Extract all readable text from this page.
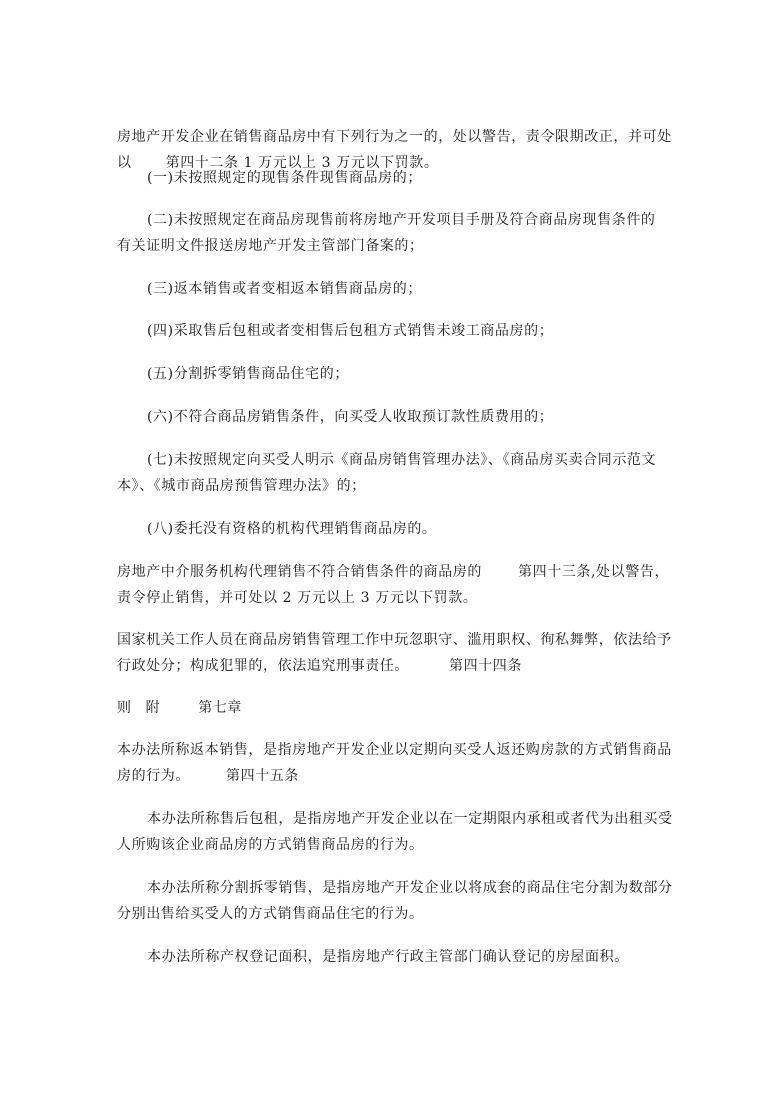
房地产开发企业在销售商品房中有下列行为之一的，处以警告，责令限期改正，并可处
以 第四十二条 1 万元以上 3 万元以下罚款。
(一)未按照规定的现售条件现售商品房的；
(二)未按照规定在商品房现售前将房地产开发项目手册及符合商品房现售条件的
有关证明文件报送房地产开发主管部门备案的；
(三)返本销售或者变相返本销售商品房的；
(四)采取售后包租或者变相售后包租方式销售未竣工商品房的；
(五)分割拆零销售商品住宅的；
(六)不符合商品房销售条件，向买受人收取预订款性质费用的；
(七)未按照规定向买受人明示《商品房销售管理办法》、《商品房买卖合同示范文
本》、《城市商品房预售管理办法》的；
(八)委托没有资格的机构代理销售商品房的。
房地产中介服务机构代理销售不符合销售条件的商品房的	第四十三条,处以警告，
责令停止销售，并可处以 2 万元以上 3 万元以下罚款。
国家机关工作人员在商品房销售管理工作中玩忽职守、滥用职权、徇私舞弊，依法给予
行政处分；构成犯罪的，依法追究刑事责任。	第四十四条
则 附	第七章
本办法所称返本销售，是指房地产开发企业以定期向买受人返还购房款的方式销售商品
房的行为。	第四十五条
本办法所称售后包租，是指房地产开发企业以在一定期限内承租或者代为出租买受
人所购该企业商品房的方式销售商品房的行为。
本办法所称分割拆零销售，是指房地产开发企业以将成套的商品住宅分割为数部分
分别出售给买受人的方式销售商品住宅的行为。
本办法所称产权登记面积，是指房地产行政主管部门确认登记的房屋面积。
